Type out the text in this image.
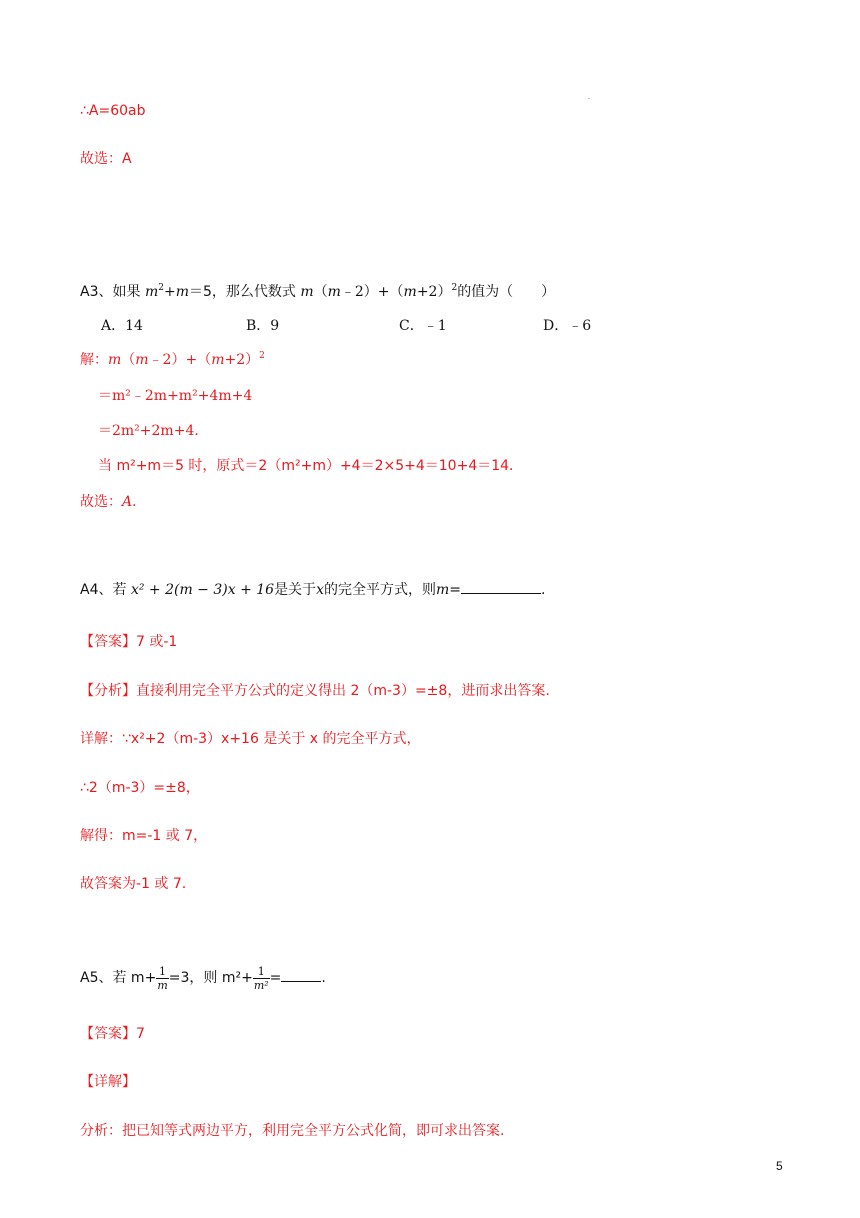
·
∴A=60ab
故选：A
A3、如果 $m^2+m=5$，那么代数式 $m(m﹣2)+(m+2)^2$的值为（　　）
A．14	B．9	C．﹣1	D．﹣6
解：$m(m﹣2)+(m+2)^2$
＝m²﹣2m+m²+4m+4
＝2m²+2m+4．
当 m²+m＝5 时，原式＝2（m²+m）+4＝2×5+4＝10+4＝14．
故选：A．
A4、若 x² + 2(m − 3)x + 16是关于x的完全平方式，则m=	.
【答案】7 或-1
【分析】直接利用完全平方公式的定义得出 2（m-3）=±8，进而求出答案.
详解：∵x²+2（m-3）x+16 是关于 x 的完全平方式，
∴2（m-3）=±8，
解得：m=-1 或 7，
故答案为-1 或 7.
A5、若 $m+ \frac{1}{m} =3$，则 $m^2+ \frac{1}{\text{m²}}$ =	.
【答案】7
【详解】
分析：把已知等式两边平方，利用完全平方公式化简，即可求出答案.
5
